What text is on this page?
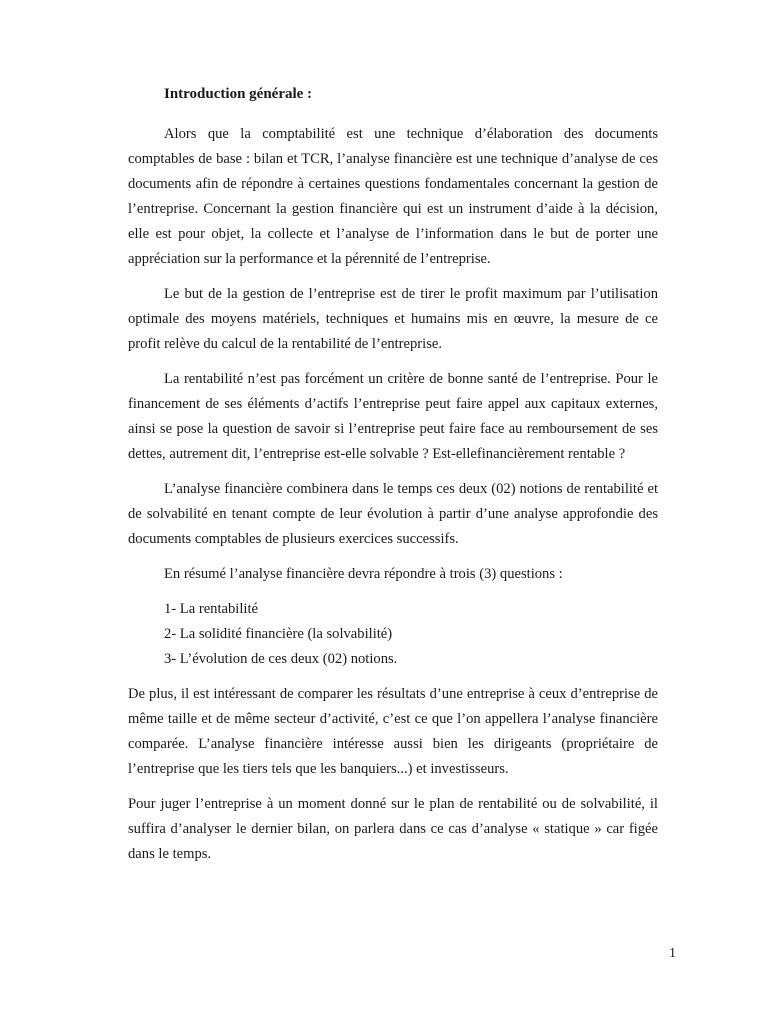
Introduction générale :

Alors que la comptabilité est une technique d’élaboration des documents comptables de base : bilan et TCR, l’analyse financière est une technique d’analyse de ces documents afin de répondre à certaines questions fondamentales concernant la gestion de l’entreprise. Concernant la gestion financière qui est un instrument d’aide à la décision, elle est pour objet, la collecte et l’analyse de l’information dans le but de porter une appréciation sur la performance et la pérennité de l’entreprise.

Le but de la gestion de l’entreprise est de tirer le profit maximum par l’utilisation optimale des moyens matériels, techniques et humains mis en œuvre, la mesure de ce profit relève du calcul de la rentabilité de l’entreprise.

La rentabilité n’est pas forcément un critère de bonne santé de l’entreprise. Pour le financement de ses éléments d’actifs l’entreprise peut faire appel aux capitaux externes, ainsi se pose la question de savoir si l’entreprise peut faire face au remboursement de ses dettes, autrement dit, l’entreprise est-elle solvable ? Est-ellefinancièrement rentable ?

L’analyse financière combinera dans le temps ces deux (02) notions de rentabilité et de solvabilité en tenant compte de leur évolution à partir d’une analyse approfondie des documents comptables de plusieurs exercices successifs.

En résumé l’analyse financière devra répondre à trois (3) questions :

1- La rentabilité
2- La solidité financière (la solvabilité)
3- L’évolution de ces deux (02) notions.

De plus, il est intéressant de comparer les résultats d’une entreprise à ceux d’entreprise de même taille et de même secteur d’activité, c’est ce que l’on appellera l’analyse financière comparée. L’analyse financière intéresse aussi bien les dirigeants (propriétaire de l’entreprise que les tiers tels que les banquiers...) et investisseurs.

Pour juger l’entreprise à un moment donné sur le plan de rentabilité ou de solvabilité, il suffira d’analyser le dernier bilan, on parlera dans ce cas d’analyse « statique » car figée dans le temps.

1
